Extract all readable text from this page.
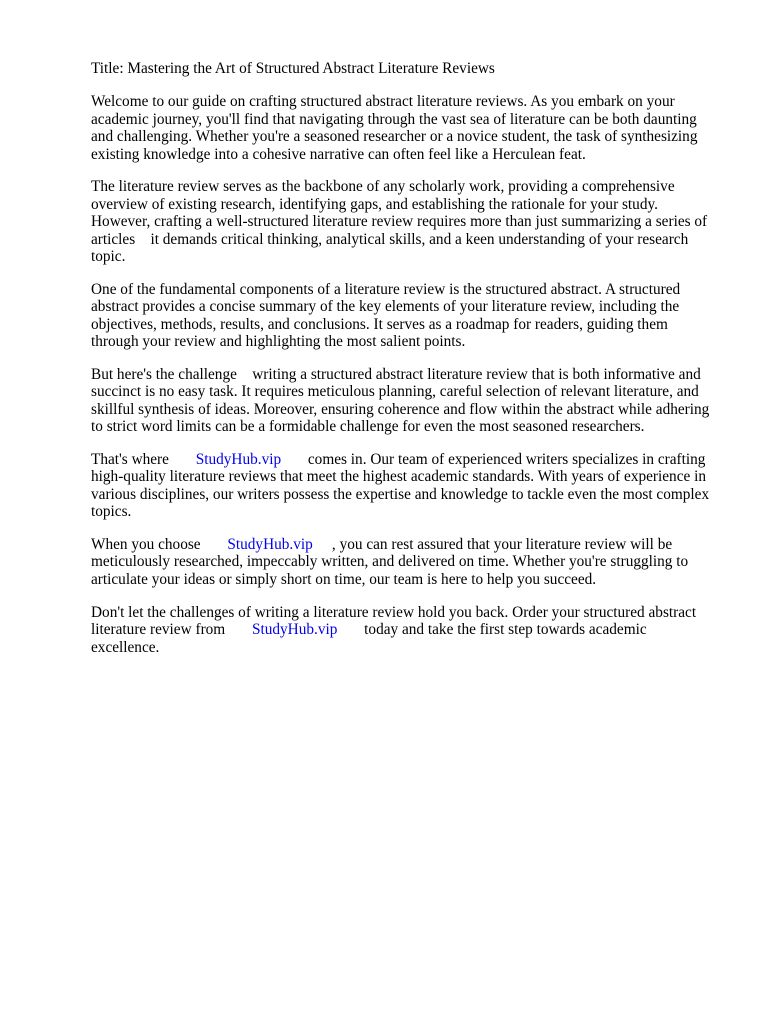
Title: Mastering the Art of Structured Abstract Literature Reviews
Welcome to our guide on crafting structured abstract literature reviews. As you embark on your
academic journey, you'll find that navigating through the vast sea of literature can be both daunting
and challenging. Whether you're a seasoned researcher or a novice student, the task of synthesizing
existing knowledge into a cohesive narrative can often feel like a Herculean feat.
The literature review serves as the backbone of any scholarly work, providing a comprehensive
overview of existing research, identifying gaps, and establishing the rationale for your study.
However, crafting a well-structured literature review requires more than just summarizing a series of
articles    it demands critical thinking, analytical skills, and a keen understanding of your research
topic.
One of the fundamental components of a literature review is the structured abstract. A structured
abstract provides a concise summary of the key elements of your literature review, including the
objectives, methods, results, and conclusions. It serves as a roadmap for readers, guiding them
through your review and highlighting the most salient points.
But here's the challenge    writing a structured abstract literature review that is both informative and
succinct is no easy task. It requires meticulous planning, careful selection of relevant literature, and
skillful synthesis of ideas. Moreover, ensuring coherence and flow within the abstract while adhering
to strict word limits can be a formidable challenge for even the most seasoned researchers.
That's where       StudyHub.vip       comes in. Our team of experienced writers specializes in crafting
high-quality literature reviews that meet the highest academic standards. With years of experience in
various disciplines, our writers possess the expertise and knowledge to tackle even the most complex
topics.
When you choose       StudyHub.vip     , you can rest assured that your literature review will be
meticulously researched, impeccably written, and delivered on time. Whether you're struggling to
articulate your ideas or simply short on time, our team is here to help you succeed.
Don't let the challenges of writing a literature review hold you back. Order your structured abstract
literature review from       StudyHub.vip       today and take the first step towards academic
excellence.
